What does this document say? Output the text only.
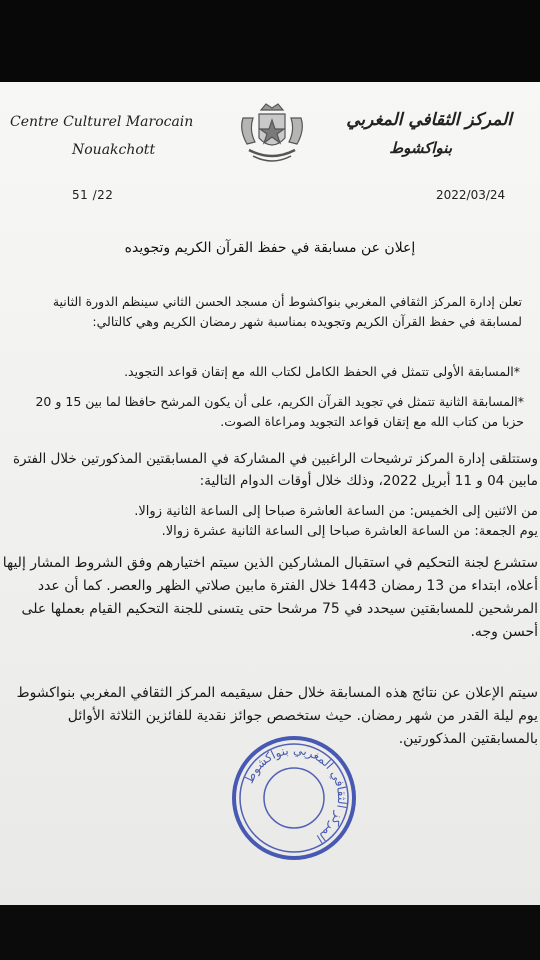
Centre Culturel Marocain
Nouakchott
المركز الثقافي المغربي
بنواكشوط
51 /22	2022/03/24
إعلان عن مسابقة في حفظ القرآن الكريم وتجويده
تعلن إدارة المركز الثقافي المغربي بنواكشوط أن مسجد الحسن الثاني سينظم الدورة الثانية لمسابقة في حفظ القرآن الكريم وتجويده بمناسبة شهر رمضان الكريم وهي كالتالي:
*المسابقة الأولى تتمثل في الحفظ الكامل لكتاب الله مع إتقان قواعد التجويد.
*المسابقة الثانية تتمثل في تجويد القرآن الكريم، على أن يكون المرشح حافظا لما بين 15 و 20 حزبا من كتاب الله مع إتقان قواعد التجويد ومراعاة الصوت.
وستتلقى إدارة المركز ترشيحات الراغبين في المشاركة في المسابقتين المذكورتين خلال الفترة مابين 04 و 11 أبريل 2022، وذلك خلال أوقات الدوام التالية:
من الاثنين إلى الخميس: من الساعة العاشرة صباحا إلى الساعة الثانية زوالا.
يوم الجمعة: من الساعة العاشرة صباحا إلى الساعة الثانية عشرة زوالا.
ستشرع لجنة التحكيم في استقبال المشاركين الذين سيتم اختيارهم وفق الشروط المشار إليها أعلاه، ابتداء من 13 رمضان 1443 خلال الفترة مابين صلاتي الظهر والعصر. كما أن عدد المرشحين للمسابقتين سيحدد في 75 مرشحا حتى يتسنى للجنة التحكيم القيام بعملها على أحسن وجه.
سيتم الإعلان عن نتائج هذه المسابقة خلال حفل سيقيمه المركز الثقافي المغربي بنواكشوط يوم ليلة القدر من شهر رمضان. حيث ستخصص جوائز نقدية للفائزين الثلاثة الأوائل بالمسابقتين المذكورتين.
المركز الثقافي المغربي بنواكشوط
